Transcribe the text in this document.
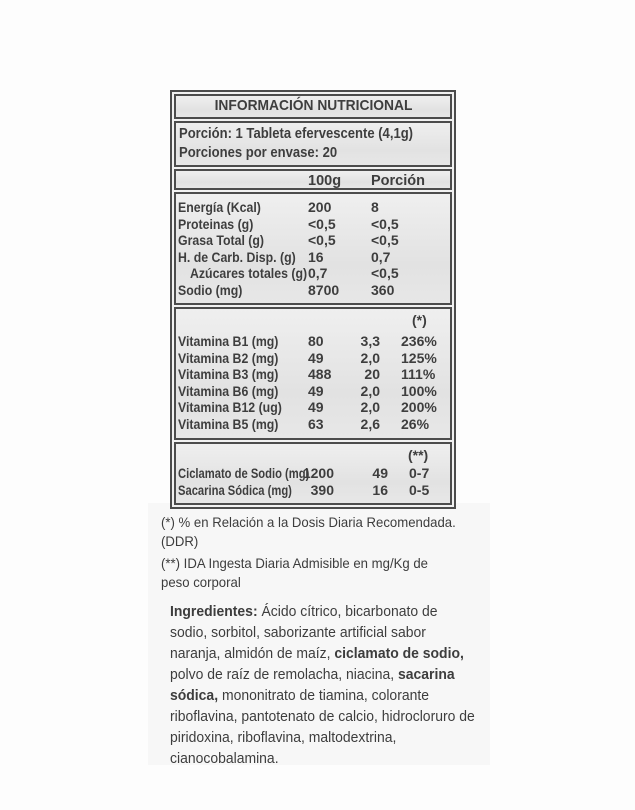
INFORMACIÓN NUTRICIONAL
Porción: 1 Tableta efervescente (4,1g)
Porciones por envase: 20
100g Porción
Energía (Kcal)	200	8
Proteinas (g)	<0,5	<0,5
Grasa Total (g)	<0,5	<0,5
H. de Carb. Disp. (g) 16	0,7
Azúcares totales (g) 0,7	<0,5
Sodio (mg)	8700 360
(*)
Vitamina B1 (mg) 80	3,3 236%
Vitamina B2 (mg) 49	2,0 125%
Vitamina B3 (mg) 488	20 111%
Vitamina B6 (mg) 49	2,0 100%
Vitamina B12 (ug) 49	2,0 200%
Vitamina B5 (mg) 63	2,6 26%
(**)
Ciclamato de Sodio (mg)
1200	49 0-7
Sacarina Sódica (mg)	390	16 0-5
(*) % en Relación a la Dosis Diaria Recomendada.
(DDR)
(**) IDA Ingesta Diaria Admisible en mg/Kg de
peso corporal
Ingredientes: Ácido cítrico, bicarbonato de sodio, sorbitol, saborizante artificial sabor naranja, almidón de maíz, ciclamato de sodio, polvo de raíz de remolacha, niacina, sacarina sódica, mononitrato de tiamina, colorante riboflavina, pantotenato de calcio, hidrocloruro de piridoxina, riboflavina, maltodextrina, cianocobalamina.
